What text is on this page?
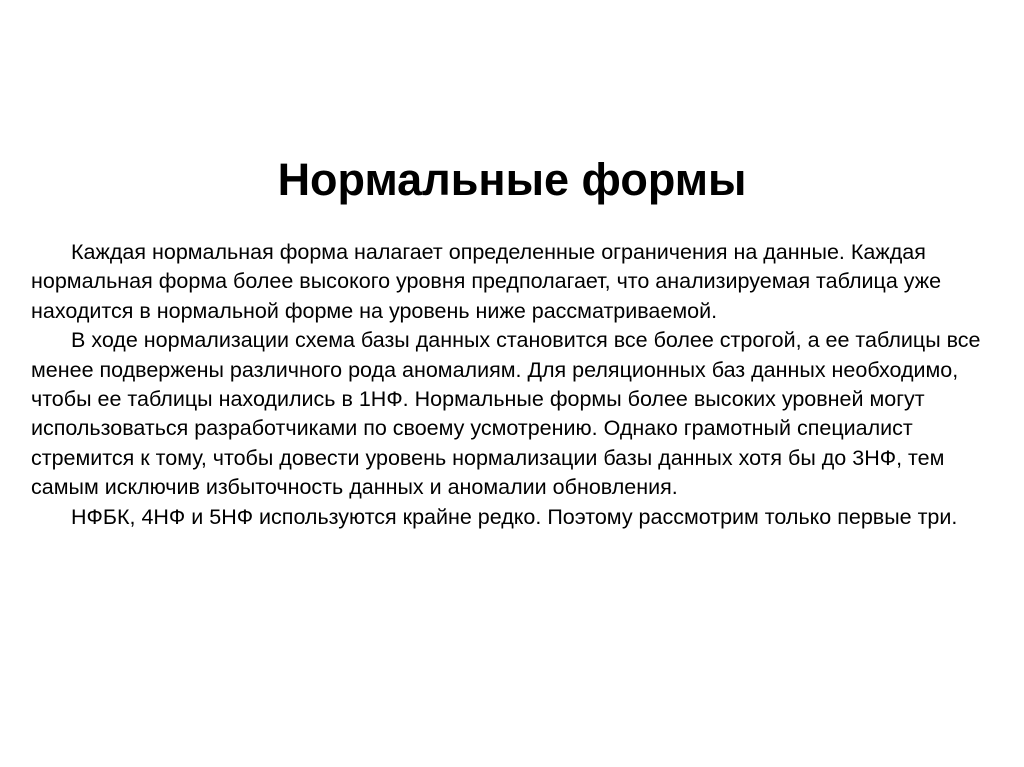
Нормальные формы

Каждая нормальная форма налагает определенные ограничения на данные. Каждая нормальная форма более высокого уровня предполагает, что анализируемая таблица уже находится в нормальной форме на уровень ниже рассматриваемой.

В ходе нормализации схема базы данных становится все более строгой, а ее таблицы все менее подвержены различного рода аномалиям. Для реляционных баз данных необходимо, чтобы ее таблицы находились в 1НФ. Нормальные формы более высоких уровней могут использоваться разработчиками по своему усмотрению. Однако грамотный специалист стремится к тому, чтобы довести уровень нормализации базы данных хотя бы до 3НФ, тем самым исключив избыточность данных и аномалии обновления.

НФБК, 4НФ и 5НФ используются крайне редко. Поэтому рассмотрим только первые три.
